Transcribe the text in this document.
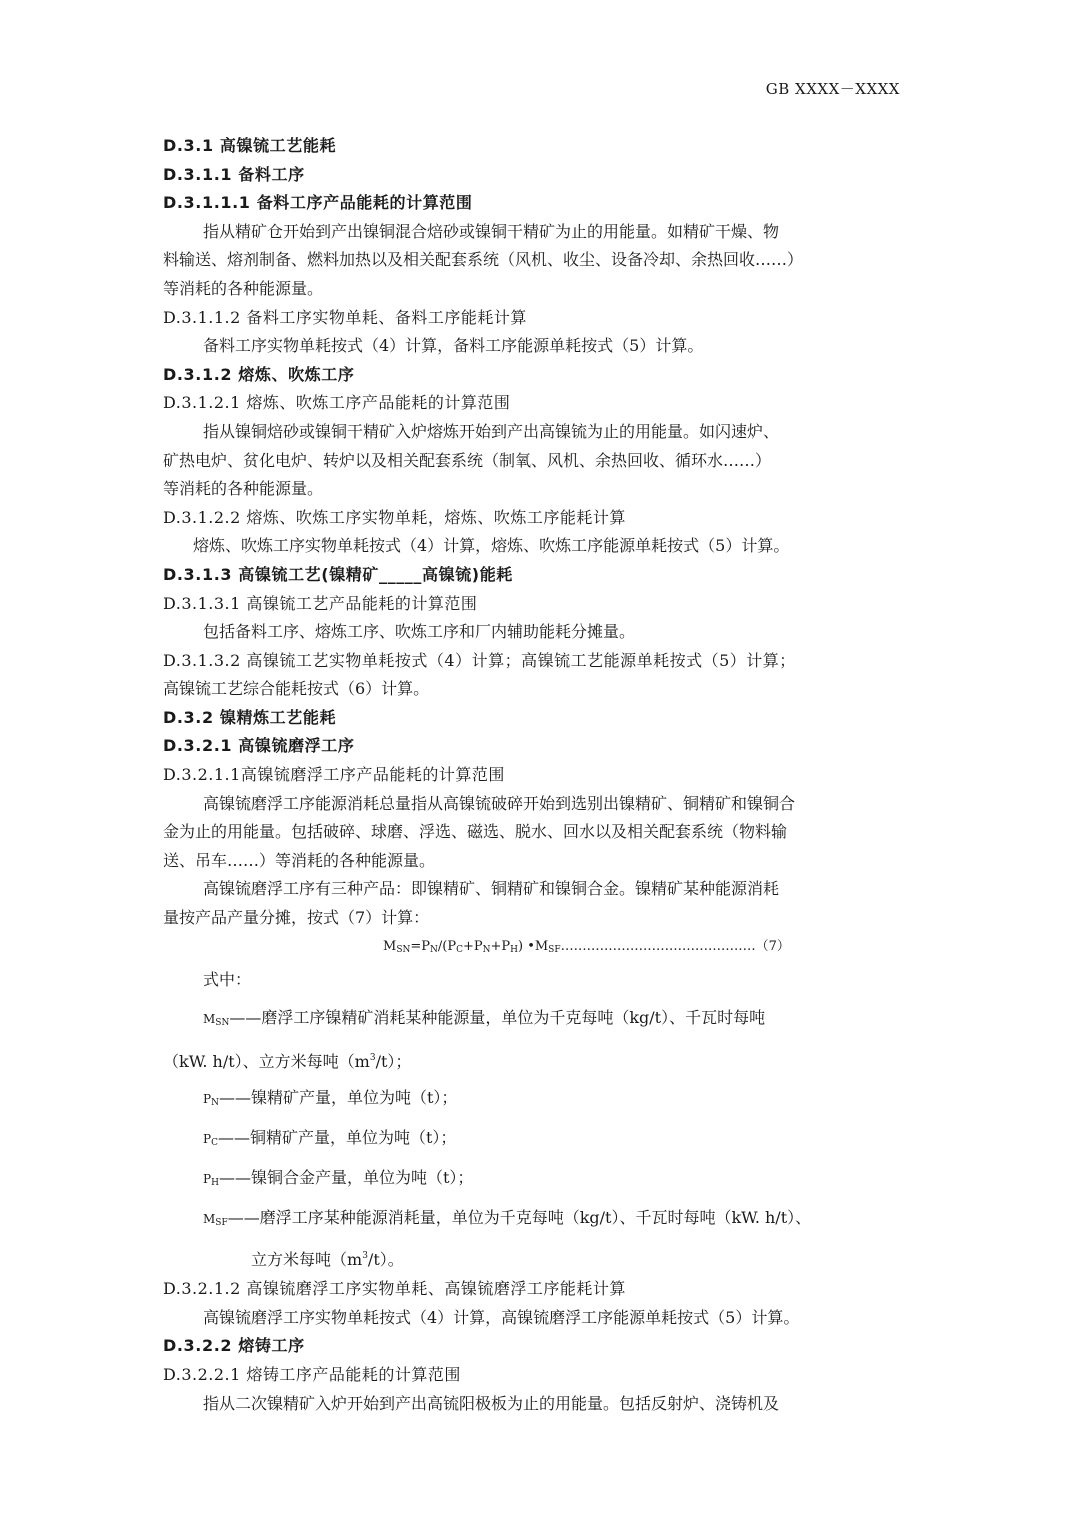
GB XXXX－XXXX
D.3.1 高镍锍工艺能耗
D.3.1.1 备料工序
D.3.1.1.1 备料工序产品能耗的计算范围
指从精矿仓开始到产出镍铜混合焙砂或镍铜干精矿为止的用能量。如精矿干燥、物
料输送、熔剂制备、燃料加热以及相关配套系统（风机、收尘、设备冷却、余热回收……）
等消耗的各种能源量。
D.3.1.1.2 备料工序实物单耗、备料工序能耗计算
备料工序实物单耗按式（4）计算，备料工序能源单耗按式（5）计算。
D.3.1.2 熔炼、吹炼工序
D.3.1.2.1 熔炼、吹炼工序产品能耗的计算范围
指从镍铜焙砂或镍铜干精矿入炉熔炼开始到产出高镍锍为止的用能量。如闪速炉、
矿热电炉、贫化电炉、转炉以及相关配套系统（制氧、风机、余热回收、循环水……）
等消耗的各种能源量。
D.3.1.2.2 熔炼、吹炼工序实物单耗，熔炼、吹炼工序能耗计算
熔炼、吹炼工序实物单耗按式（4）计算，熔炼、吹炼工序能源单耗按式（5）计算。
D.3.1.3 高镍锍工艺(镍精矿_____高镍锍)能耗
D.3.1.3.1 高镍锍工艺产品能耗的计算范围
包括备料工序、熔炼工序、吹炼工序和厂内辅助能耗分摊量。
D.3.1.3.2 高镍锍工艺实物单耗按式（4）计算；高镍锍工艺能源单耗按式（5）计算；
高镍锍工艺综合能耗按式（6）计算。
D.3.2 镍精炼工艺能耗
D.3.2.1 高镍锍磨浮工序
D.3.2.1.1高镍锍磨浮工序产品能耗的计算范围
高镍锍磨浮工序能源消耗总量指从高镍锍破碎开始到选别出镍精矿、铜精矿和镍铜合
金为止的用能量。包括破碎、球磨、浮选、磁选、脱水、回水以及相关配套系统（物料输
送、吊车……）等消耗的各种能源量。
高镍锍磨浮工序有三种产品：即镍精矿、铜精矿和镍铜合金。镍精矿某种能源消耗
量按产品产量分摊，按式（7）计算：
$M_{SN}=P_N/(P_C+P_N+P_H)$ $•M_{SF}\dots\dots\dots\dots\dots\dots\dots\dots\dots\dots\dots\dots\dots\dots\dots(7)$
式中：
$M_{SN}——$磨浮工序镍精矿消耗某种能源量，单位为千克每吨（kg/t）、千瓦时每吨
（kW. h/t）、立方米每吨$(m^3/t)$；
$P_N——$镍精矿产量，单位为吨（t）；
$P_C——$铜精矿产量，单位为吨（t）；
$P_H——$镍铜合金产量，单位为吨（t）；
$M_{SF}——$磨浮工序某种能源消耗量，单位为千克每吨（kg/t）、千瓦时每吨（kW. h/t）、
立方米每吨$(m^3/t)$。
D.3.2.1.2 高镍锍磨浮工序实物单耗、高镍锍磨浮工序能耗计算
高镍锍磨浮工序实物单耗按式（4）计算，高镍锍磨浮工序能源单耗按式（5）计算。
D.3.2.2 熔铸工序
D.3.2.2.1 熔铸工序产品能耗的计算范围
指从二次镍精矿入炉开始到产出高锍阳极板为止的用能量。包括反射炉、浇铸机及
